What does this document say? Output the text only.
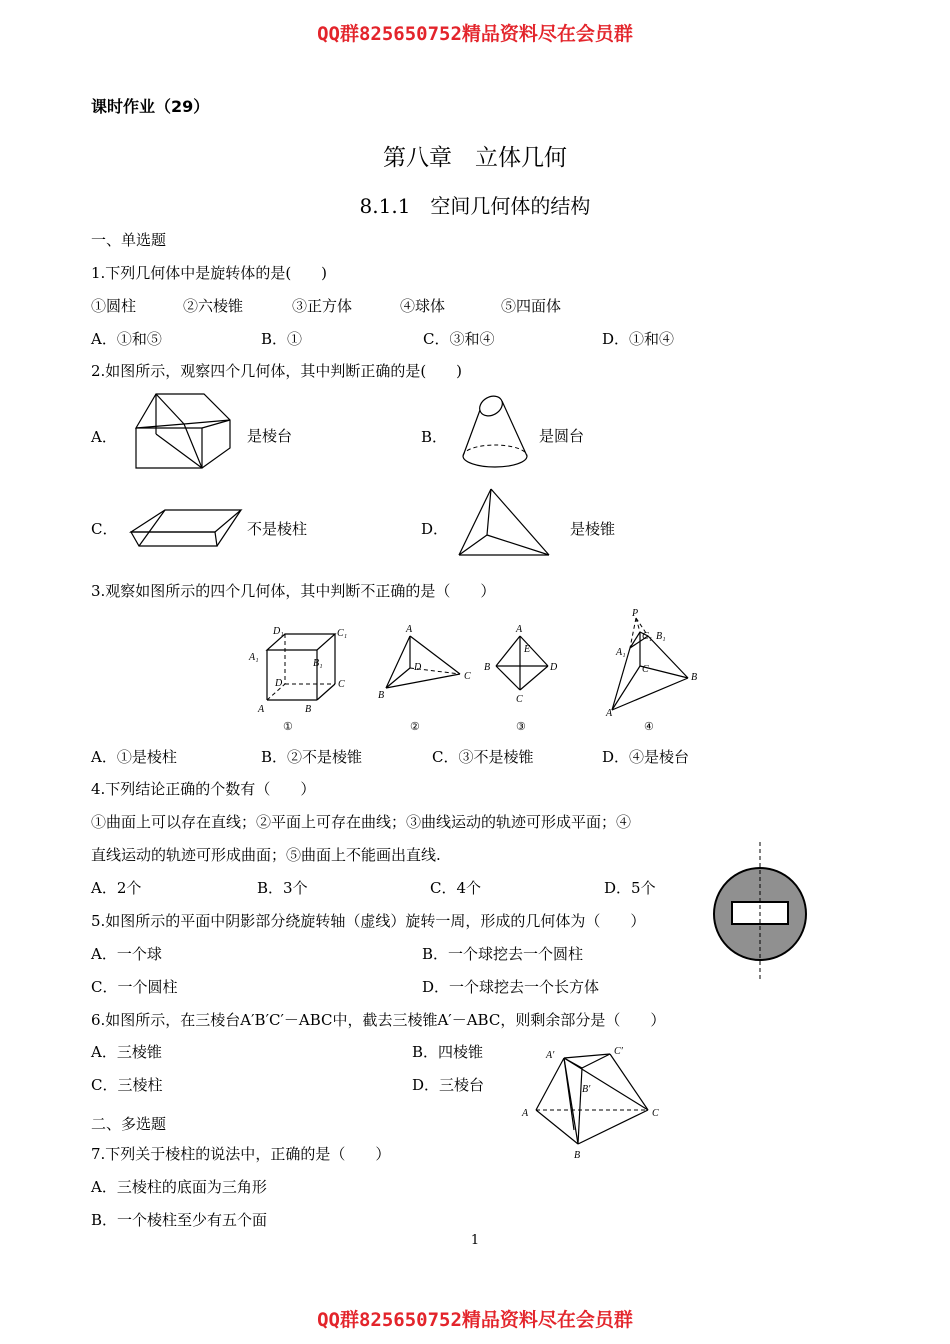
QQ群825650752精品资料尽在会员群
QQ群825650752精品资料尽在会员群
课时作业（29）
第八章　立体几何
8.1.1　空间几何体的结构
一、单选题
1.下列几何体中是旋转体的是(　　)
①圆柱	②六棱锥	③正方体	④球体	⑤四面体
A．①和⑤	B．①	C．③和④	D．①和④
2.如图所示，观察四个几何体，其中判断正确的是(　　)
A．	B．
C．	D．
是棱台	是圆台
不是棱柱	是棱锥
3.观察如图所示的四个几何体，其中判断不正确的是（　　）
D₁	C₁
A₁
B₁
D	C
A	B
①
A
D
B
C
②
A
E
B	D
C
③
P
C₁ B₁
A₁
C
B
A
④
A．①是棱柱	B．②不是棱锥	C．③不是棱锥	D．④是棱台
4.下列结论正确的个数有（　　）
①曲面上可以存在直线；②平面上可存在曲线；③曲线运动的轨迹可形成平面；④
直线运动的轨迹可形成曲面；⑤曲面上不能画出直线.
A．2个	B．3个	C．4个	D．5个
5.如图所示的平面中阴影部分绕旋转轴（虚线）旋转一周，形成的几何体为（　　）
A．一个球	B．一个球挖去一个圆柱
C．一个圆柱	D．一个球挖去一个长方体
6.如图所示，在三棱台A′B′C′－ABC中，截去三棱锥A′－ABC，则剩余部分是（　　）
A．三棱锥	B．四棱锥
C．三棱柱	D．三棱台
A′	C′
B′
A	C
B
二、多选题
7.下列关于棱柱的说法中，正确的是（　　）
A．三棱柱的底面为三角形
B．一个棱柱至少有五个面
1
